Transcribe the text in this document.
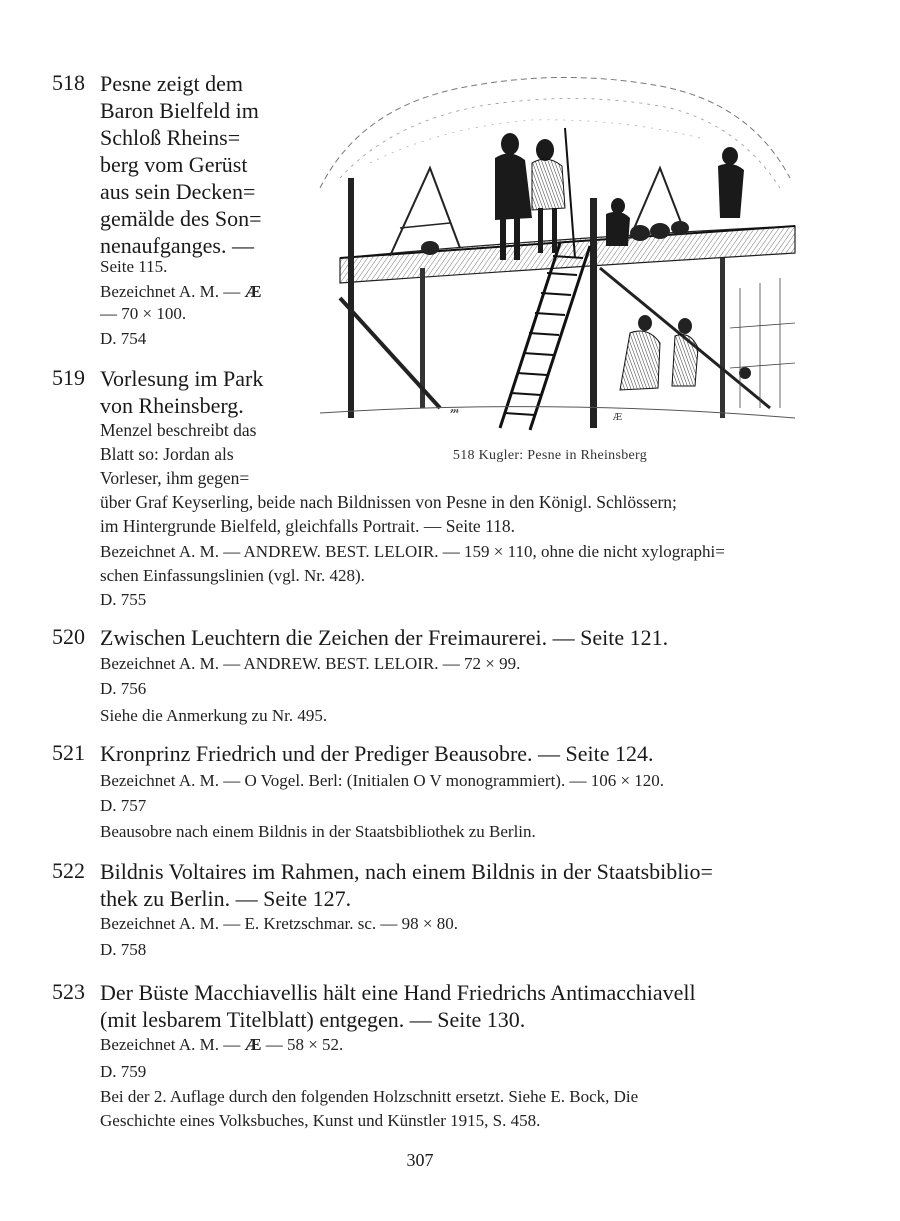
𝓂
Æ
518 Kugler: Pesne in Rheinsberg
518 Pesne zeigt dem
Baron Bielfeld im
Schloß Rheins=
berg vom Gerüst
aus sein Decken=
gemälde des Son=
nenaufganges. —
Seite 115.
Bezeichnet A. M. — Æ
— 70 × 100.
D. 754
519 Vorlesung im Park
von Rheinsberg.
Menzel beschreibt das
Blatt so: Jordan als
Vorleser, ihm gegen=
über Graf Keyserling, beide nach Bildnissen von Pesne in den Königl. Schlössern;
im Hintergrunde Bielfeld, gleichfalls Portrait. — Seite 118.
Bezeichnet A. M. — ANDREW. BEST. LELOIR. — 159 × 110, ohne die nicht xylographi=
schen Einfassungslinien (vgl. Nr. 428).
D. 755
520 Zwischen Leuchtern die Zeichen der Freimaurerei. — Seite 121.
Bezeichnet A. M. — ANDREW. BEST. LELOIR. — 72 × 99.
D. 756
Siehe die Anmerkung zu Nr. 495.
521 Kronprinz Friedrich und der Prediger Beausobre. — Seite 124.
Bezeichnet A. M. — O Vogel. Berl: (Initialen O V monogrammiert). — 106 × 120.
D. 757
Beausobre nach einem Bildnis in der Staatsbibliothek zu Berlin.
522 Bildnis Voltaires im Rahmen, nach einem Bildnis in der Staatsbiblio=
thek zu Berlin. — Seite 127.
Bezeichnet A. M. — E. Kretzschmar. sc. — 98 × 80.
D. 758
523 Der Büste Macchiavellis hält eine Hand Friedrichs Antimacchiavell
(mit lesbarem Titelblatt) entgegen. — Seite 130.
Bezeichnet A. M. — Æ — 58 × 52.
D. 759
Bei der 2. Auflage durch den folgenden Holzschnitt ersetzt. Siehe E. Bock, Die
Geschichte eines Volksbuches, Kunst und Künstler 1915, S. 458.
307
